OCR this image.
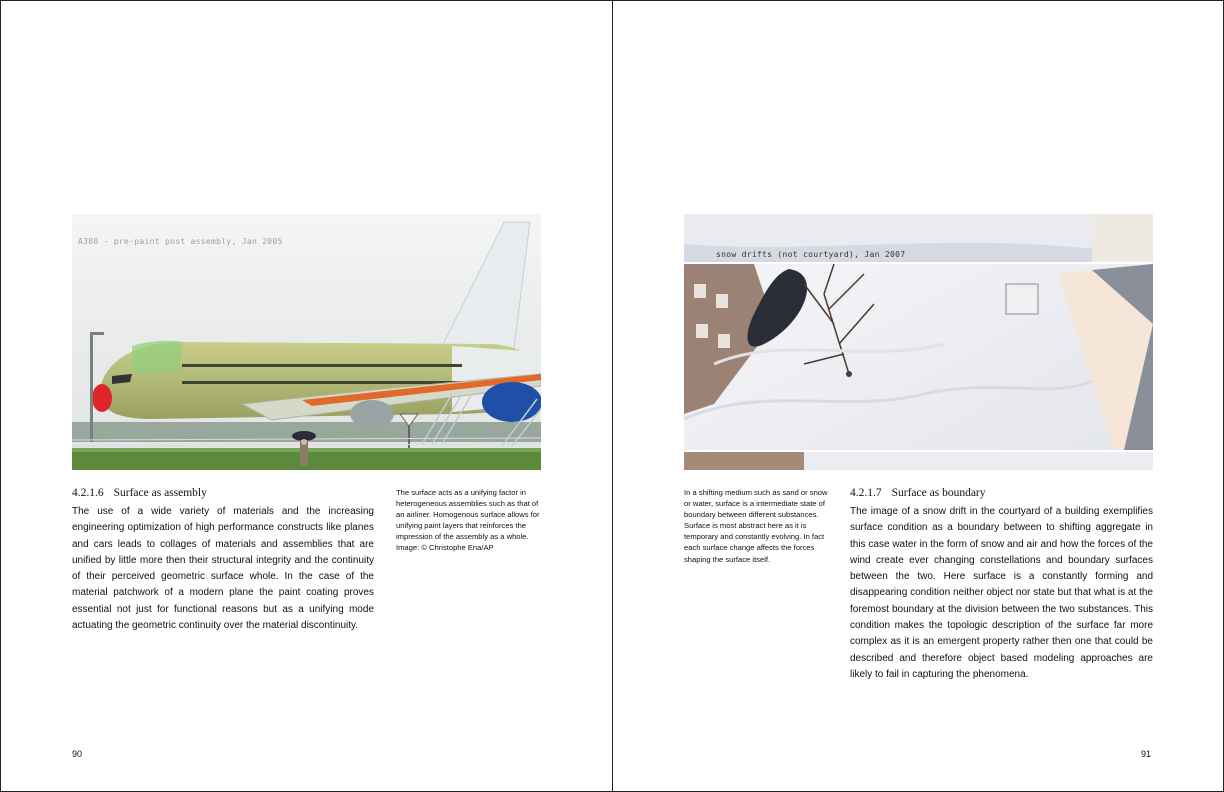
A380 - pre-paint post assembly, Jan 2005
4.2.1.6 Surface as assembly
The use of a wide variety of materials and the increasing engineering optimization of high performance constructs like planes and cars leads to collages of materials and assemblies that are unified by little more then their structural integrity and the continuity of their perceived geometric surface whole. In the case of the material patchwork of a modern plane the paint coating proves essential not just for functional reasons but as a unifying mode actuating the geometric continuity over the material discontinuity.
The surface acts as a unifying factor in heterogeneous assemblies such as that of an airliner. Homogenous surface allows for unifying paint layers that reinforces the impression of the assembly as a whole.
Image: © Christophe Ena/AP
90
snow drifts (not courtyard), Jan 2007
In a shifting medium such as sand or snow or water, surface is a intermediate state of boundary between different substances. Surface is most abstract here as it is temporary and constantly evolving. In fact each surface change affects the forces shaping the surface itself.
4.2.1.7 Surface as boundary
The image of a snow drift in the courtyard of a building exemplifies surface condition as a boundary between to shifting aggregate in this case water in the form of snow and air and how the forces of the wind create ever changing constellations and boundary surfaces between the two. Here surface is a constantly forming and disappearing condition neither object nor state but that what is at the foremost boundary at the division between the two substances. This condition makes the topologic description of the surface far more complex as it is an emergent property rather then one that could be described and therefore object based modeling approaches are likely to fail in capturing the phenomena.
91
